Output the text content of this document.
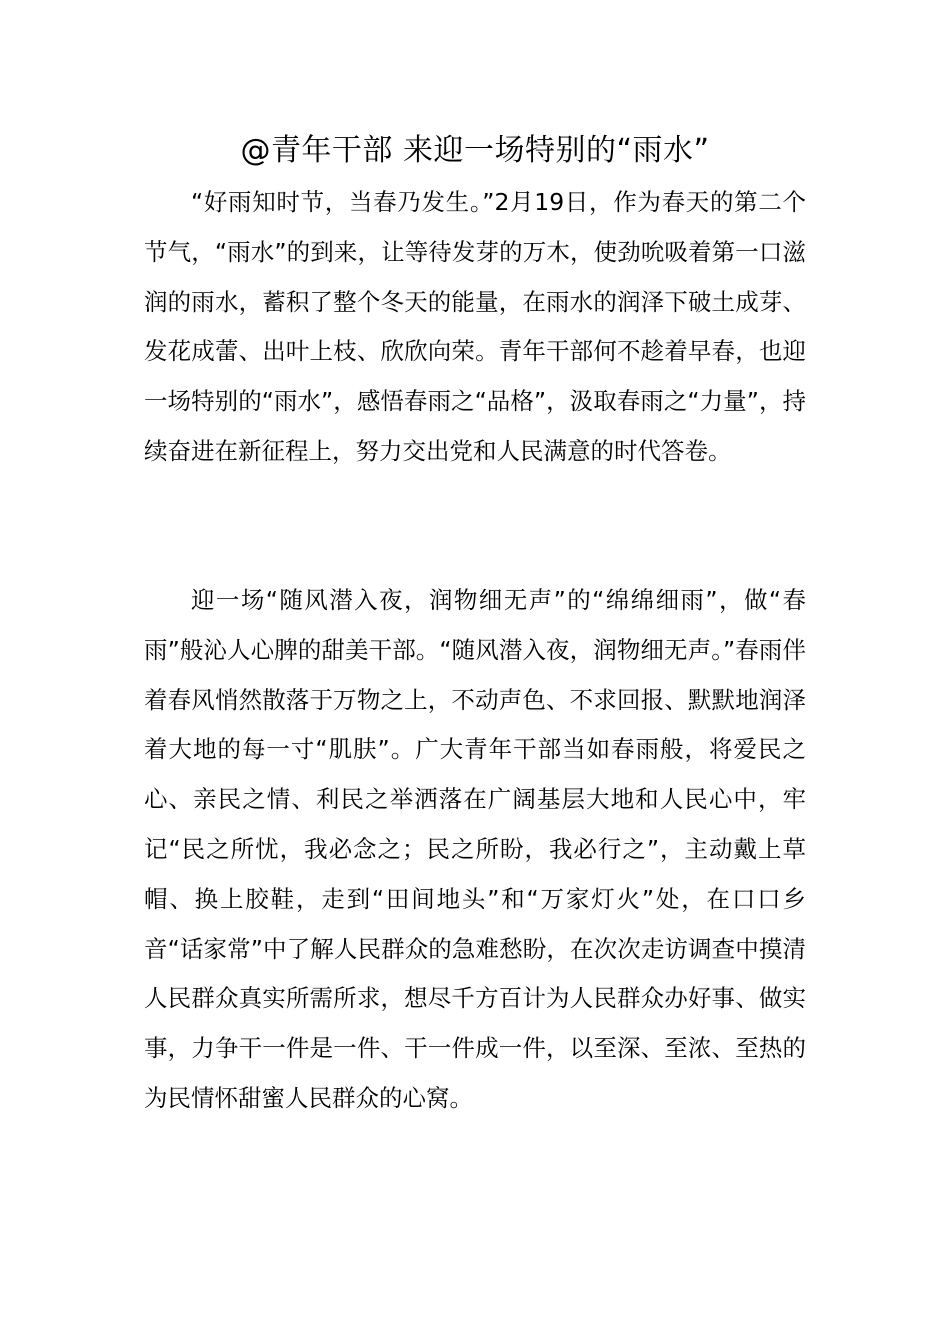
@青年干部 来迎一场特别的“雨水”

“好雨知时节，当春乃发生。”2月19日，作为春天的第二个节气，“雨水”的到来，让等待发芽的万木，使劲吮吸着第一口滋润的雨水，蓄积了整个冬天的能量，在雨水的润泽下破土成芽、发花成蕾、出叶上枝、欣欣向荣。青年干部何不趁着早春，也迎一场特别的“雨水”，感悟春雨之“品格”，汲取春雨之“力量”，持续奋进在新征程上，努力交出党和人民满意的时代答卷。

迎一场“随风潜入夜，润物细无声”的“绵绵细雨”，做“春雨”般沁人心脾的甜美干部。“随风潜入夜，润物细无声。”春雨伴着春风悄然散落于万物之上，不动声色、不求回报、默默地润泽着大地的每一寸“肌肤”。广大青年干部当如春雨般，将爱民之心、亲民之情、利民之举洒落在广阔基层大地和人民心中，牢记“民之所忧，我必念之；民之所盼，我必行之”，主动戴上草帽、换上胶鞋，走到“田间地头”和“万家灯火”处，在口口乡音“话家常”中了解人民群众的急难愁盼，在次次走访调查中摸清人民群众真实所需所求，想尽千方百计为人民群众办好事、做实事，力争干一件是一件、干一件成一件，以至深、至浓、至热的为民情怀甜蜜人民群众的心窝。
